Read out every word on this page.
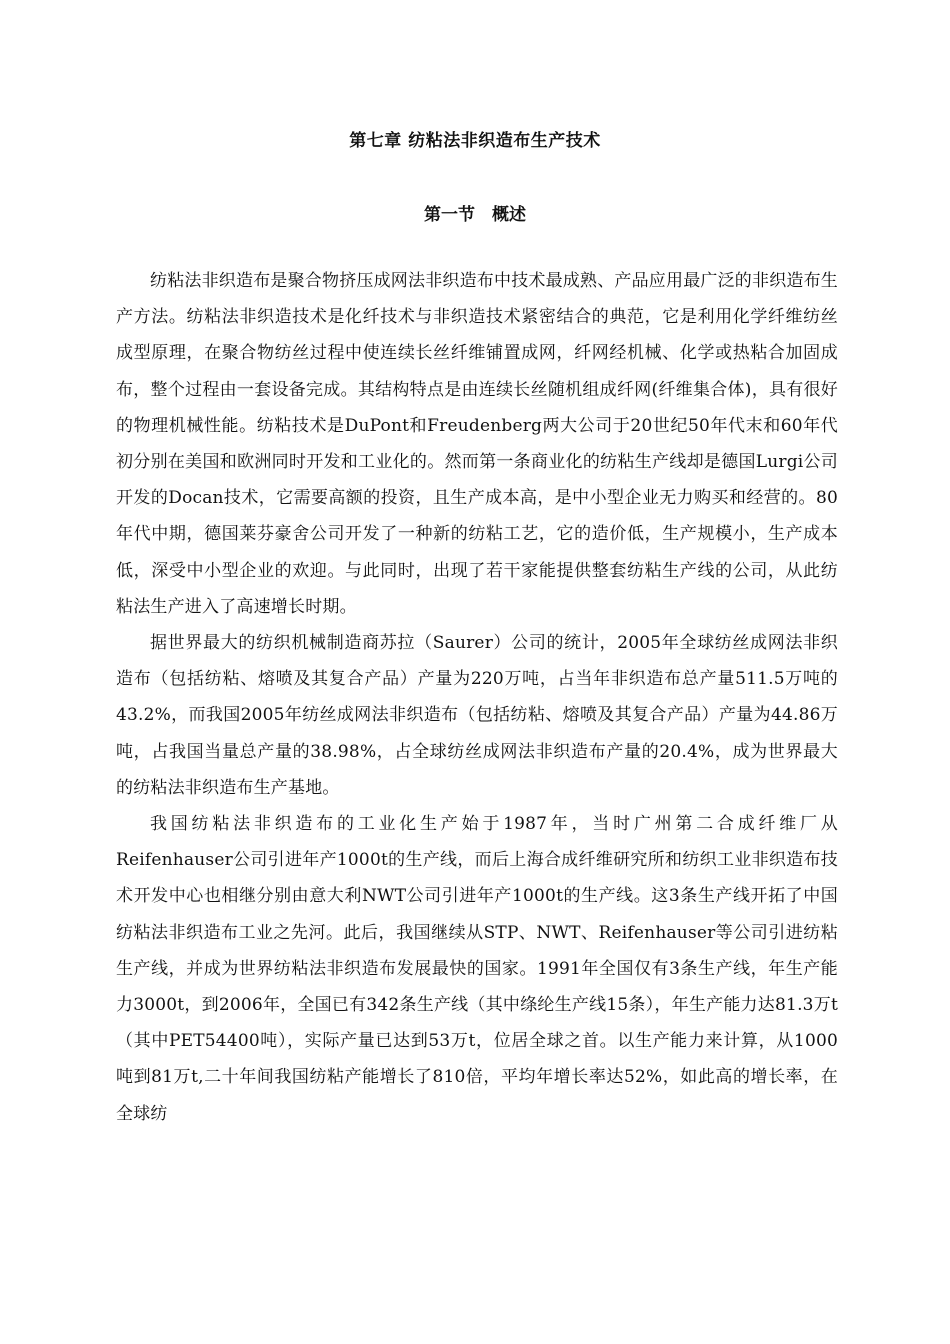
第七章 纺粘法非织造布生产技术
第一节　概述

纺粘法非织造布是聚合物挤压成网法非织造布中技术最成熟、产品应用最广泛的非织造布生产方法。纺粘法非织造技术是化纤技术与非织造技术紧密结合的典范，它是利用化学纤维纺丝成型原理，在聚合物纺丝过程中使连续长丝纤维铺置成网，纤网经机械、化学或热粘合加固成布，整个过程由一套设备完成。其结构特点是由连续长丝随机组成纤网(纤维集合体)，具有很好的物理机械性能。纺粘技术是DuPont和Freudenberg两大公司于20世纪50年代末和60年代初分别在美国和欧洲同时开发和工业化的。然而第一条商业化的纺粘生产线却是德国Lurgi公司开发的Docan技术，它需要高额的投资，且生产成本高，是中小型企业无力购买和经营的。80年代中期，德国莱芬豪舍公司开发了一种新的纺粘工艺，它的造价低，生产规模小，生产成本低，深受中小型企业的欢迎。与此同时，出现了若干家能提供整套纺粘生产线的公司，从此纺粘法生产进入了高速增长时期。

据世界最大的纺织机械制造商苏拉（Saurer）公司的统计，2005年全球纺丝成网法非织造布（包括纺粘、熔喷及其复合产品）产量为220万吨，占当年非织造布总产量511.5万吨的43.2%，而我国2005年纺丝成网法非织造布（包括纺粘、熔喷及其复合产品）产量为44.86万吨，占我国当量总产量的38.98%，占全球纺丝成网法非织造布产量的20.4%，成为世界最大的纺粘法非织造布生产基地。

我国纺粘法非织造布的工业化生产始于1987年，当时广州第二合成纤维厂从Reifenhauser公司引进年产1000t的生产线，而后上海合成纤维研究所和纺织工业非织造布技术开发中心也相继分别由意大利NWT公司引进年产1000t的生产线。这3条生产线开拓了中国纺粘法非织造布工业之先河。此后，我国继续从STP、NWT、Reifenhauser等公司引进纺粘生产线，并成为世界纺粘法非织造布发展最快的国家。1991年全国仅有3条生产线，年生产能力3000t，到2006年，全国已有342条生产线（其中绦纶生产线15条），年生产能力达81.3万t（其中PET54400吨），实际产量已达到53万t，位居全球之首。以生产能力来计算，从1000吨到81万t,二十年间我国纺粘产能增长了810倍，平均年增长率达52%，如此高的增长率，在全球纺
